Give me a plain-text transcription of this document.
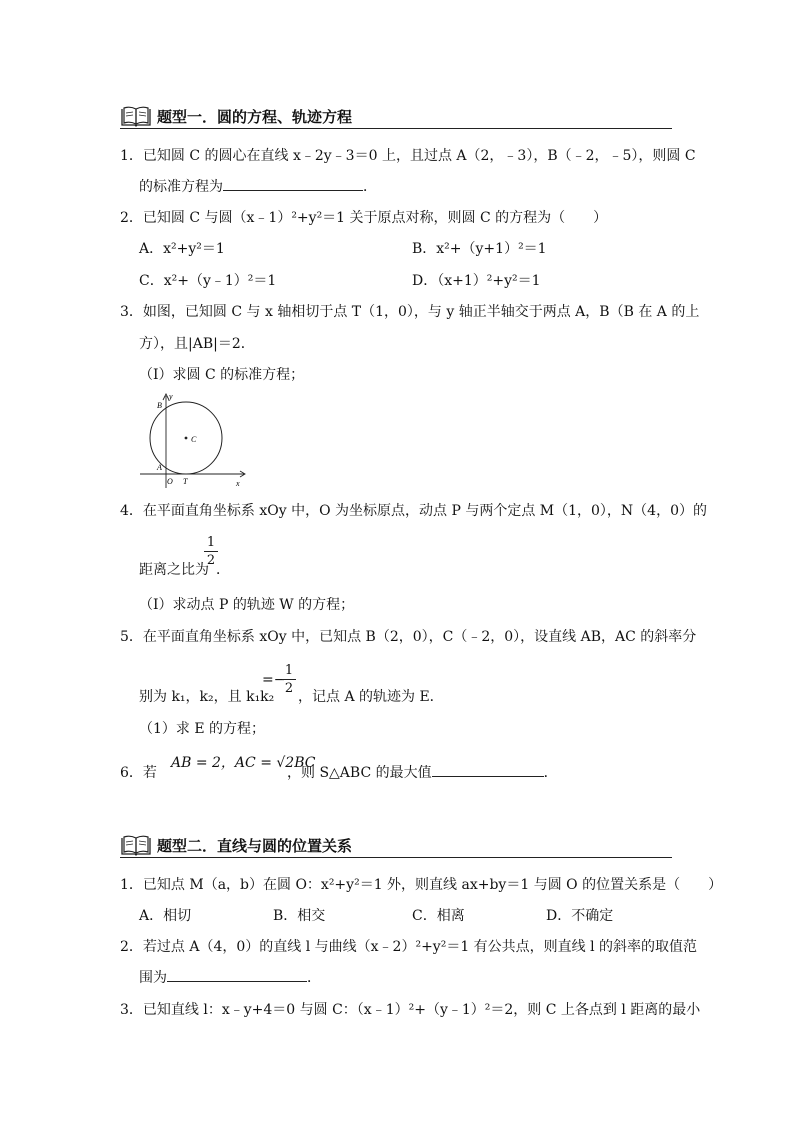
题型一．圆的方程、轨迹方程
1．已知圆 C 的圆心在直线 x﹣2y﹣3＝0 上，且过点 A（2，﹣3），B（﹣2，﹣5），则圆 C
的标准方程为	．
2．已知圆 C 与圆（x﹣1）²+y²＝1 关于原点对称，则圆 C 的方程为（　　）
A．x²+y²＝1	B．x²+（y+1）²＝1
C．x²+（y﹣1）²＝1	D．（x+1）²+y²＝1
3．如图，已知圆 C 与 x 轴相切于点 T（1，0），与 y 轴正半轴交于两点 A，B（B 在 A 的上
方），且|AB|＝2．
（Ⅰ）求圆 C 的标准方程；
B
y
C
A
O T	x
4．在平面直角坐标系 xOy 中，O 为坐标原点，动点 P 与两个定点 M（1，0），N（4，0）的
距离之比为
1
2
．
（Ⅰ）求动点 P 的轨迹 W 的方程；
5．在平面直角坐标系 xOy 中，已知点 B（2，0），C（﹣2，0），设直线 AB，AC 的斜率分
别为 k₁，k₂，且 k₁k₂
=−
1
2
，记点 A 的轨迹为 E．
（1）求 E 的方程；
6．若
AB = 2，AC = √2BC
，则 S△ABC 的最大值	．
题型二．直线与圆的位置关系
1．已知点 M（a，b）在圆 O：x²+y²＝1 外，则直线 ax+by＝1 与圆 O 的位置关系是（　　）
A．相切	B．相交	C．相离	D．不确定
2．若过点 A（4，0）的直线 l 与曲线（x﹣2）²+y²＝1 有公共点，则直线 l 的斜率的取值范
围为	．
3．已知直线 l：x﹣y+4＝0 与圆 C：（x﹣1）²+（y﹣1）²＝2，则 C 上各点到 l 距离的最小
